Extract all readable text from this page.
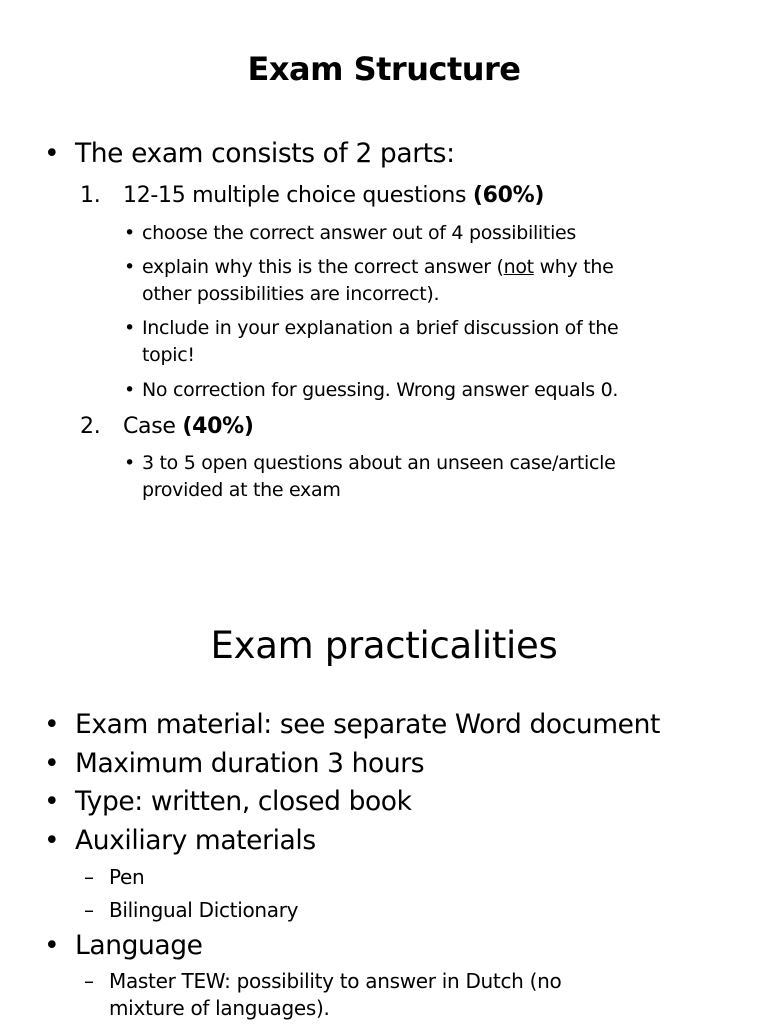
Exam Structure
• The exam consists of 2 parts:
1. 12-15 multiple choice questions (60%)
• choose the correct answer out of 4 possibilities
• explain why this is the correct answer (not why the
other possibilities are incorrect).
• Include in your explanation a brief discussion of the
topic!
• No correction for guessing. Wrong answer equals 0.
2. Case (40%)
• 3 to 5 open questions about an unseen case/article
provided at the exam
Exam practicalities
• Exam material: see separate Word document
• Maximum duration 3 hours
• Type: written, closed book
• Auxiliary materials
– Pen
– Bilingual Dictionary
• Language
– Master TEW: possibility to answer in Dutch (no
mixture of languages).
